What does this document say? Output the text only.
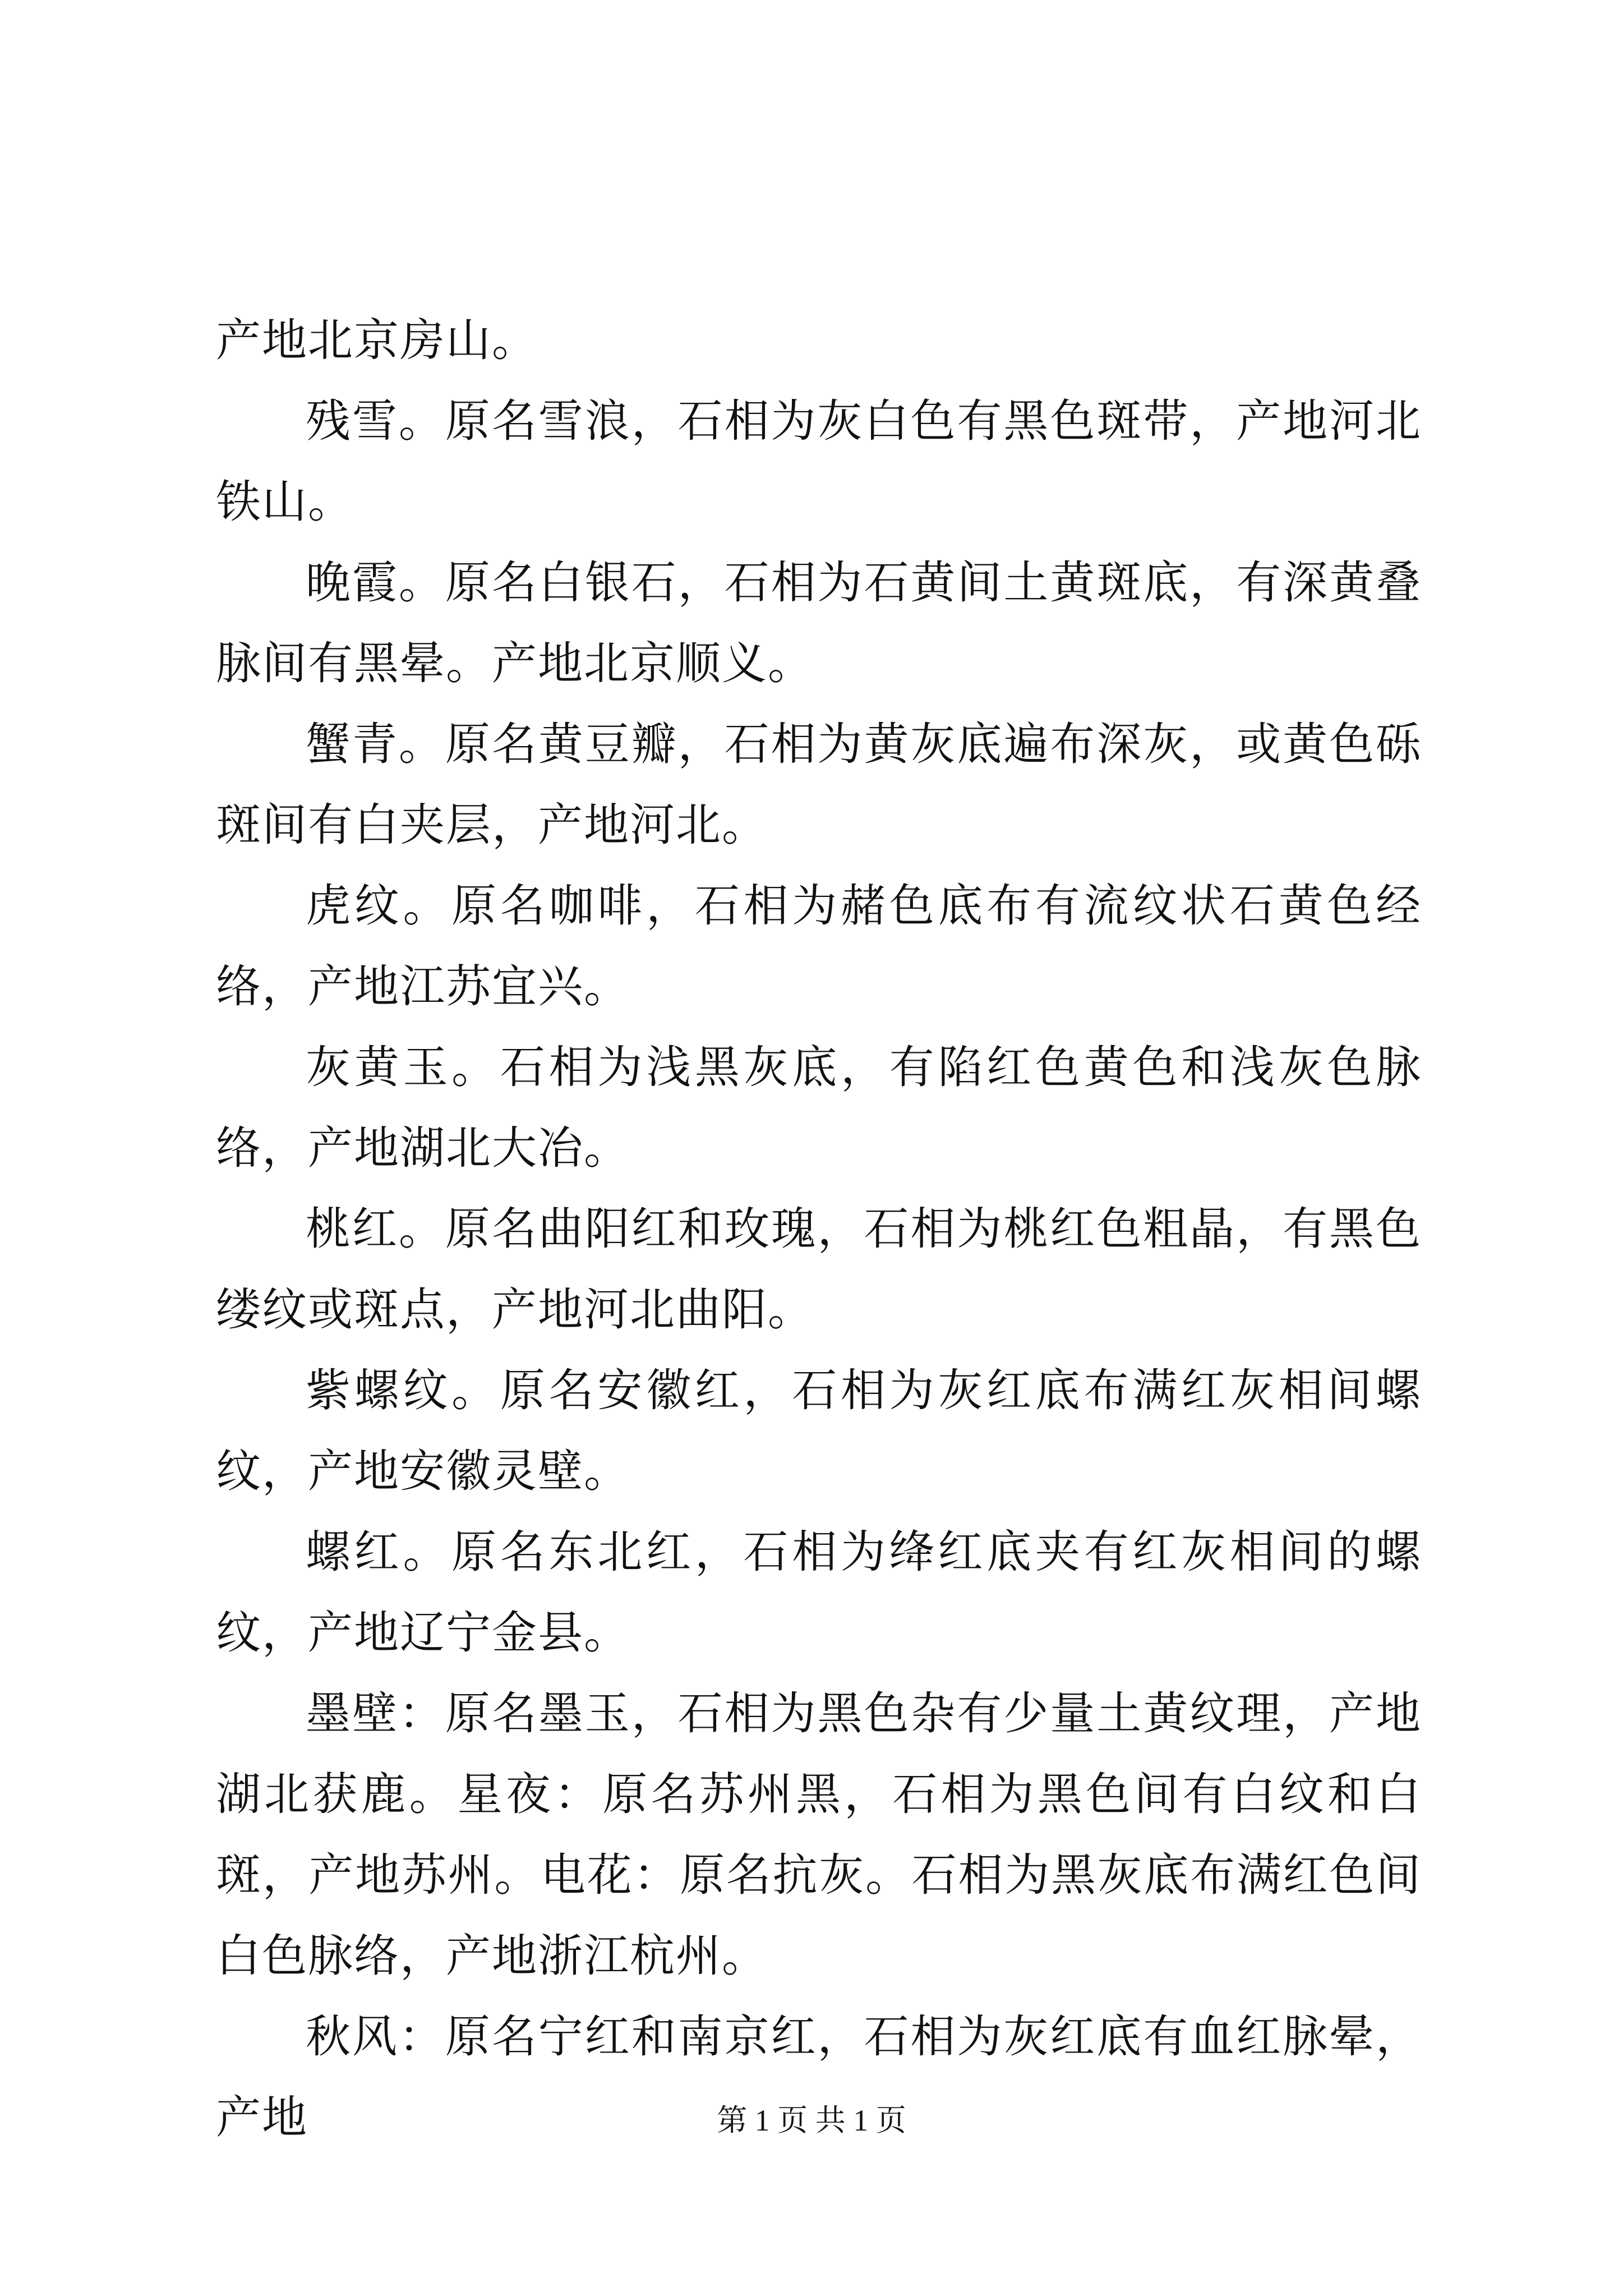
产地北京房山。

残雪。原名雪浪，石相为灰白色有黑色斑带，产地河北铁山。

晚霞。原名白银石，石相为石黄间土黄斑底，有深黄叠脉间有黑晕。产地北京顺义。

蟹青。原名黄豆瓣，石相为黄灰底遍布深灰，或黄色砾斑间有白夹层，产地河北。

虎纹。原名咖啡，石相为赭色底布有流纹状石黄色经络，产地江苏宜兴。

灰黄玉。石相为浅黑灰底，有陷红色黄色和浅灰色脉络，产地湖北大冶。

桃红。原名曲阳红和玫瑰，石相为桃红色粗晶，有黑色缕纹或斑点，产地河北曲阳。

紫螺纹。原名安徽红，石相为灰红底布满红灰相间螺纹，产地安徽灵壁。

螺红。原名东北红，石相为绛红底夹有红灰相间的螺纹，产地辽宁金县。

墨壁：原名墨玉，石相为黑色杂有少量土黄纹理，产地湖北获鹿。星夜：原名苏州黑，石相为黑色间有白纹和白斑，产地苏州。电花：原名抗灰。石相为黑灰底布满红色间白色脉络，产地浙江杭州。

秋风：原名宁红和南京红，石相为灰红底有血红脉晕，产地	第 1 页 共 1 页
